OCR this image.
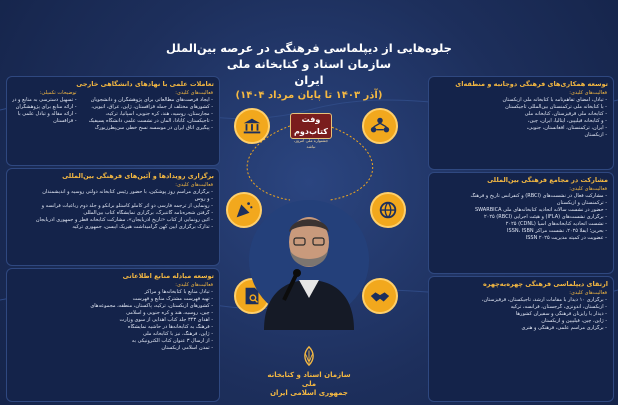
جلوه‌هایی از دیپلماسی فرهنگی در عرصه بین‌الملل سازمان اسناد و کتابخانه ملی
ایران
(آذر ۱۴۰۳ تا پایان مرداد ۱۴۰۴)
توسعه همکاری‌های فرهنگی دوجانبه و منطقه‌ای
فعالیت‌های کلیدی:
- تبادل، امضای تفاهم‌نامه با کتابخانه ملی ازبکستان
- با کتابخانه ملی ترکمنستان بین‌المللی تاجیکستان
- کتابخانه ملی قرقیزستان، کتابخانه ملی
- و کتابخانه فیلیپین، ایتالیا، ایران، چین،
- ایران، ترکمنستان، افغانستان، جنوبی،
- ازبکستان
مشارکت در مجامع فرهنگی بین‌المللی
فعالیت‌های کلیدی:
- مشارکت فعال در نشست‌های (RBCI) و کنفرانس تاریخ و فرهنگ
- ترکمنستان و ازبکستان
- حضور در نشست سالانه اتحادیه کتابخانه‌های ملی SWARBICA
- برگزاری نشست‌های (IFLA) و هیئت اجرایی (RBCI) ۲۰۲۵
- نشست اتحادیه کتابخانه‌های آسیا (CDNL) ۲۰۲۵
- بحرین؛ ایفلا ۲۰۲۵، نشست مراکز ISSN، ISBN
- عضویت در کمیته مدیریت ISSN ۲۰۲۵
ارتقای دیپلماسی فرهنگی چهره‌به‌چهره
فعالیت‌های کلیدی:
- برگزاری ۱۰ دیدار با مقامات ارشد، تاجیکستان، قرقیزستان،
- ازبکستان، اندونزی، گرجستان، فرانسه، ترکیه
- دیدار با رایزنان فرهنگی و سفیران کشورها
- ژاپن، چین، فیلیپین و ازبکستان
- برگزاری مراسم علمی، فرهنگی و هنری
تعاملات علمی با نهادهای دانشگاهی خارجی
فعالیت‌های کلیدی:
- ایجاد فرصت‌های مطالعاتی برای پژوهشگران و دانشجویان
- کشورهای مختلف از جمله قزاقستان، ژاپن، عراق، اتیوپی،
- مجارستان، روسیه، هند، کره جنوبی، اسپانیا، ترکیه،
- تاجیکستان، کانادا، آلمان در نشست علمی دانشگاه پسیفیک
- پیگیری اتاق ایران در موسسه نسخ خطی سن‌پطرزبورگ
توضیحات تکمیلی:
- تسهیل دسترسی به منابع و در
- ارائه منابع برای پژوهشگران
- ارائه مقاله و تبادل علمی با
- قزاقستان
برگزاری رویدادها و آئین‌های فرهنگی بین‌المللی
فعالیت‌های کلیدی:
- برگزاری مراسم روز پوشکین، با حضور رئیس کتابخانه دولتی روسیه و اندیشمندان
- و روس
- رونمایی از ترجمه فارسی دو اثر کاملو کاستلو برانکو و جلد دوم رباعیات فرانسه و
- گرفتن شجره‌نامه گاتنبرگ، برگزاری نمایشگاه کتاب بین‌المللی
- آئین رونمایی از کتاب «تاریخ آذربایجان»، مشارکت کتابخانه قطر و جمهوری آذربایجان
- تدارک برگزاری آیین کهن گرامیداشت هیریک ایبسن، جمهوری ترکیه
توسعه مبادله منابع اطلاعاتی
فعالیت‌های کلیدی:
- تبادل منابع با کتابخانه‌ها و مراکز
- تهیه فهرست مشترک منابع و فهرست
- کشورهای ازبکستان، ترکیه، پاکستان، منطقه، مجموعه‌های
- چین، روسیه، هند و کره جنوبی و اسلامی
- اهدای ۳۴۳ جلد کتاب اهدایی از سوی وزارت
- فرهنگ به کتابخانه‌ها در حاشیه نمایشگاه
- ژاپن، فرهنگ، نیز با کتابخانه ملی
- از ارسال ۳ عنوان کتاب الکترونیکی به
- تمدن اسلامی ازبکستان
وفت کتاب‌دوم
جشنواره ملی امروز، نباشد
سازمان اسناد و کتابخانه ملی
جمهوری اسلامی ایران
